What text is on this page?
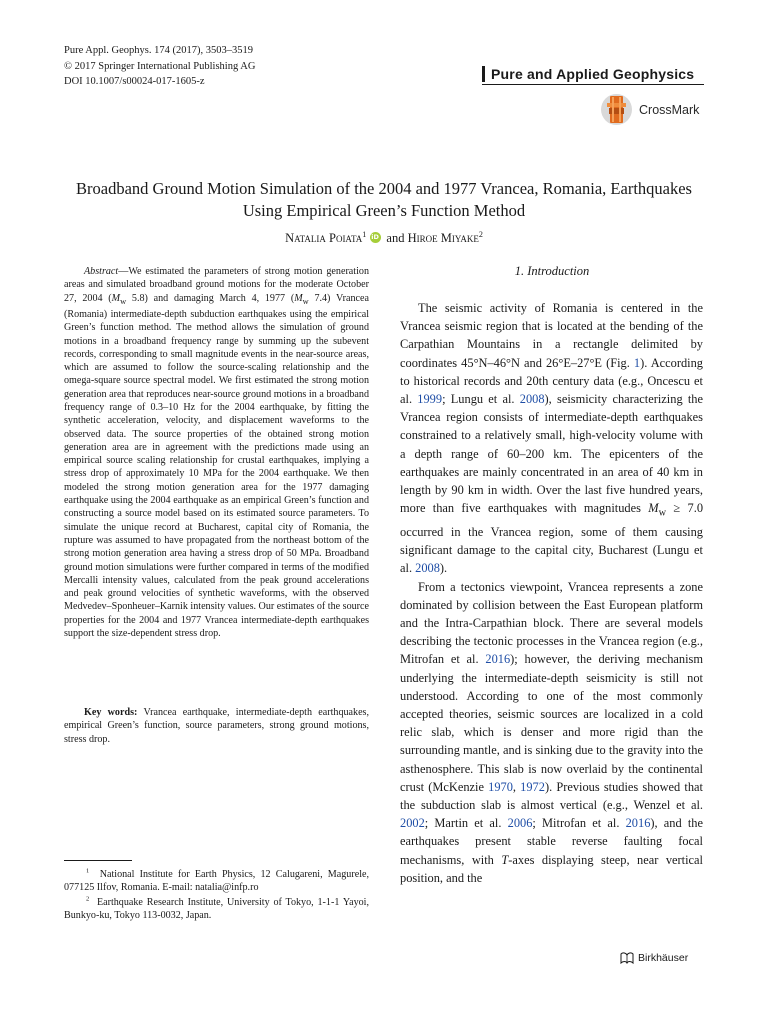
Pure Appl. Geophys. 174 (2017), 3503–3519
© 2017 Springer International Publishing AG
DOI 10.1007/s00024-017-1605-z	Pure and Applied Geophysics
CrossMark
Broadband Ground Motion Simulation of the 2004 and 1977 Vrancea, Romania, Earthquakes
Using Empirical Green’s Function Method
Natalia Poiata$^1$iD and Hiroe Miyake$^2$
Abstract—We estimated the parameters of strong motion generation areas and simulated broadband ground motions for the moderate October 27, 2004 ($M_w$ 5.8) and damaging March 4, 1977 ($M_w$ 7.4) Vrancea (Romania) intermediate-depth subduction earthquakes using the empirical Green’s function method. The method allows the simulation of ground motions in a broadband frequency range by summing up the subevent records, corresponding to small magnitude events in the near-source areas, which are assumed to follow the source-scaling relationship and the omega-square source spectral model. We first estimated the strong motion generation area that reproduces near-source ground motions in a broadband frequency range of 0.3–10 Hz for the 2004 earthquake, by fitting the synthetic acceleration, velocity, and displacement waveforms to the observed data. The source properties of the obtained strong motion generation area are in agreement with the predictions made using an empirical source scaling relationship for crustal earthquakes, implying a stress drop of approximately 10 MPa for the 2004 earthquake. We then modeled the strong motion generation area for the 1977 damaging earthquake using the 2004 earthquake as an empirical Green’s function and constructing a source model based on its estimated source parameters. To simulate the unique record at Bucharest, capital city of Romania, the rupture was assumed to have propagated from the northeast bottom of the strong motion generation area having a stress drop of 50 MPa. Broadband ground motion simulations were further compared in terms of the modified Mercalli intensity values, calculated from the peak ground accelerations and peak ground velocities of synthetic waveforms, with the observed Medvedev–Sponheuer–Karnik intensity values. Our estimates of the source properties for the 2004 and 1977 Vrancea intermediate-depth earthquakes support the size-dependent stress drop.
Key words: Vrancea earthquake, intermediate-depth earthquakes, empirical Green’s function, source parameters, strong ground motions, stress drop.
$^1$ National Institute for Earth Physics, 12 Calugareni, Magurele, 077125 Ilfov, Romania. E-mail: natalia@infp.ro
$^2$ Earthquake Research Institute, University of Tokyo, 1-1-1 Yayoi, Bunkyo-ku, Tokyo 113-0032, Japan.
1. Introduction

The seismic activity of Romania is centered in the Vrancea seismic region that is located at the bending of the Carpathian Mountains in a rectangle delimited by coordinates 45°N–46°N and 26°E–27°E (Fig. 1). According to historical records and 20th century data (e.g., Oncescu et al. 1999; Lungu et al. 2008), seismicity characterizing the Vrancea region consists of intermediate-depth earthquakes constrained to a relatively small, high-velocity volume with a depth range of 60–200 km. The epicenters of the earthquakes are mainly concentrated in an area of 40 km in length by 90 km in width. Over the last five hundred years, more than five earthquakes with magnitudes $M_w \ge 7.0$ occurred in the Vrancea region, some of them causing significant damage to the capital city, Bucharest (Lungu et al. 2008).

From a tectonics viewpoint, Vrancea represents a zone dominated by collision between the East European platform and the Intra-Carpathian block. There are several models describing the tectonic processes in the Vrancea region (e.g., Mitrofan et al. 2016); however, the deriving mechanism underlying the intermediate-depth seismicity is still not understood. According to one of the most commonly accepted theories, seismic sources are localized in a cold relic slab, which is denser and more rigid than the surrounding mantle, and is sinking due to the gravity into the asthenosphere. This slab is now overlaid by the continental crust (McKenzie 1970, 1972). Previous studies showed that the subduction slab is almost vertical (e.g., Wenzel et al. 2002; Martin et al. 2006; Mitrofan et al. 2016), and the earthquakes present stable reverse faulting focal mechanisms, with T-axes displaying steep, near vertical position, and the

Birkhäuser
